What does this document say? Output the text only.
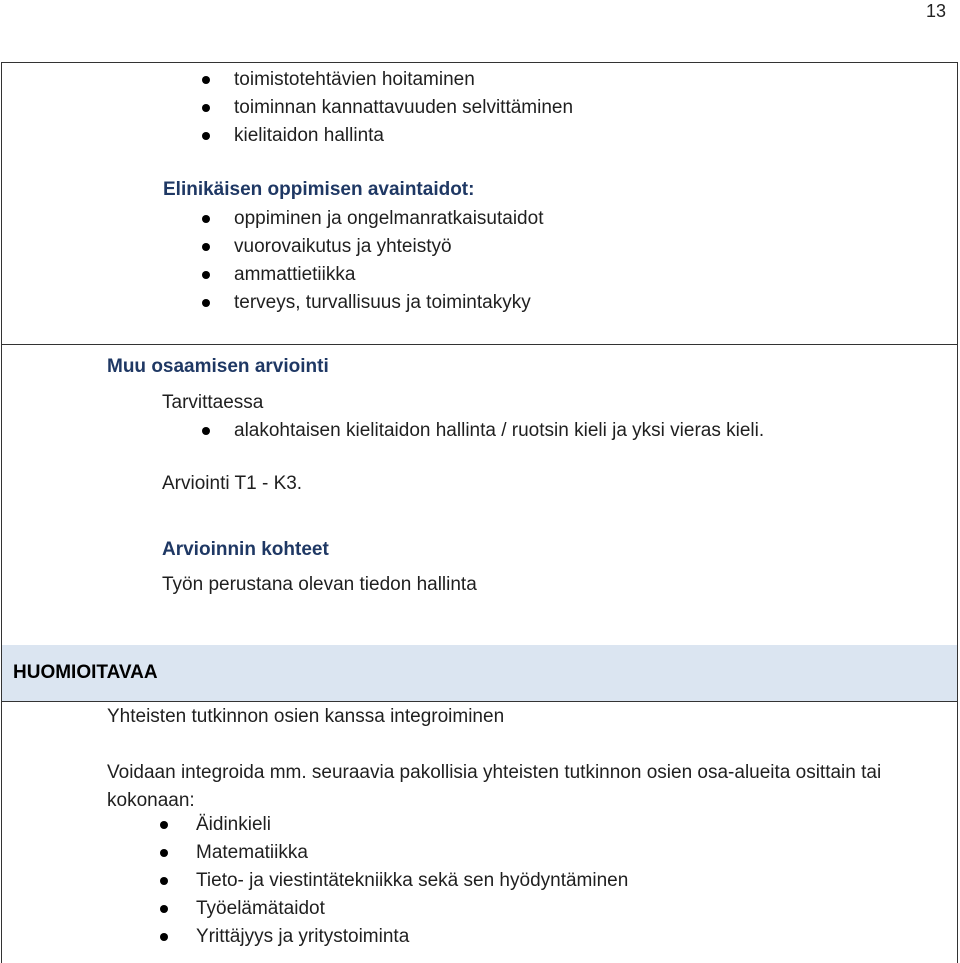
13
toimistotehtävien hoitaminen
toiminnan kannattavuuden selvittäminen
kielitaidon hallinta
Elinikäisen oppimisen avaintaidot:
oppiminen ja ongelmanratkaisutaidot
vuorovaikutus ja yhteistyö
ammattietiikka
terveys, turvallisuus ja toimintakyky
Muu osaamisen arviointi
Tarvittaessa
alakohtaisen kielitaidon hallinta / ruotsin kieli ja yksi vieras kieli.
Arviointi T1 - K3.
Arvioinnin kohteet
Työn perustana olevan tiedon hallinta
HUOMIOITAVAA
Yhteisten tutkinnon osien kanssa integroiminen
Voidaan integroida mm. seuraavia pakollisia yhteisten tutkinnon osien osa-alueita osittain tai kokonaan:
Äidinkieli
Matematiikka
Tieto- ja viestintätekniikka sekä sen hyödyntäminen
Työelämätaidot
Yrittäjyys ja yritystoiminta
